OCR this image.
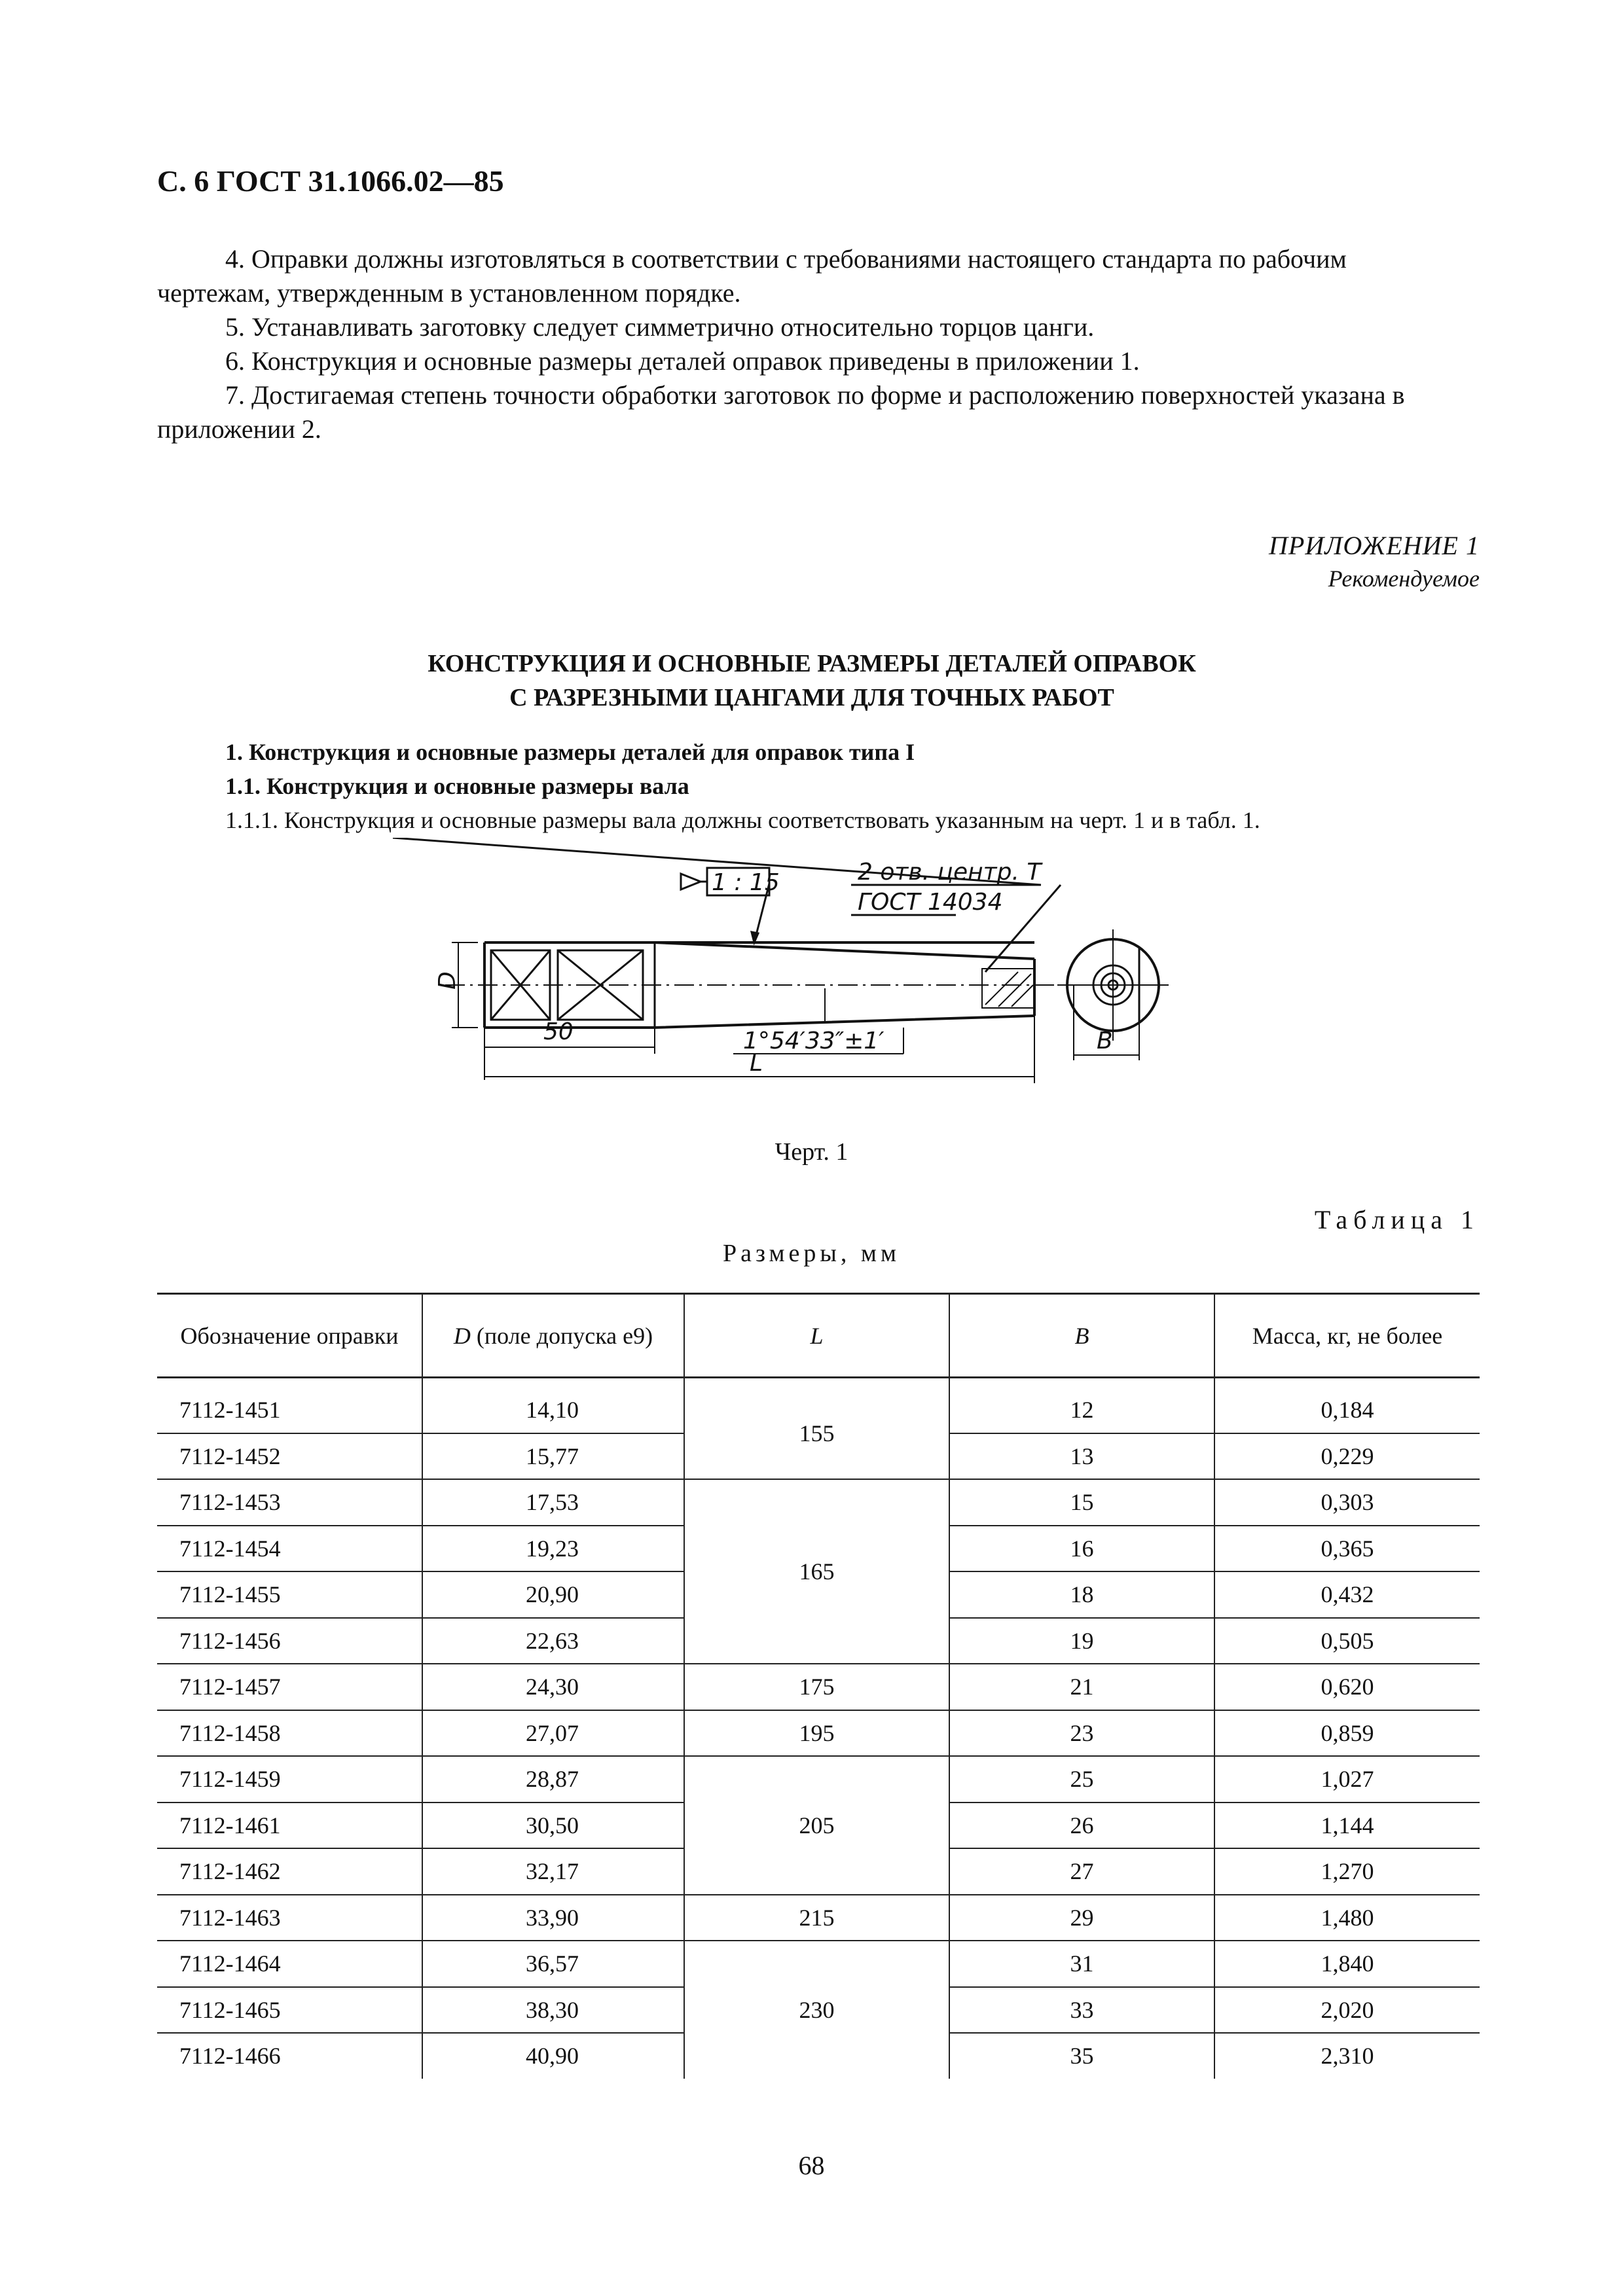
С. 6 ГОСТ 31.1066.02—85

4. Оправки должны изготовляться в соответствии с требованиями настоящего стандарта по рабочим чертежам, утвержденным в установленном порядке.

5. Устанавливать заготовку следует симметрично относительно торцов цанги.

6. Конструкция и основные размеры деталей оправок приведены в приложении 1.

7. Достигаемая степень точности обработки заготовок по форме и расположению поверхностей указана в приложении 2.

ПРИЛОЖЕНИЕ 1
Рекомендуемое
КОНСТРУКЦИЯ И ОСНОВНЫЕ РАЗМЕРЫ ДЕТАЛЕЙ ОПРАВОК
С РАЗРЕЗНЫМИ ЦАНГАМИ ДЛЯ ТОЧНЫХ РАБОТ
1. Конструкция и основные размеры деталей для оправок типа I
1.1. Конструкция и основные размеры вала
1.1.1. Конструкция и основные размеры вала должны соответствовать указанным на черт. 1 и в табл. 1.
1 : 15	2 отв. центр. Т
ГОСТ 14034
D
50	1°54′33″±1′
L
B
Черт. 1
Таблица 1
Размеры, мм
Обозначение оправки	D (поле допуска e9)	L	B	Масса, кг, не более
7112-1451	14,10	155	12	0,184
7112-1452	15,77		13	0,229
7112-1453	17,53	165	15	0,303
7112-1454	19,23		16	0,365
7112-1455	20,90		18	0,432
7112-1456	22,63		19	0,505
7112-1457	24,30	175	21	0,620
7112-1458	27,07	195	23	0,859
7112-1459	28,87	205	25	1,027
7112-1461	30,50		26	1,144
7112-1462	32,17		27	1,270
7112-1463	33,90	215	29	1,480
7112-1464	36,57	230	31	1,840
7112-1465	38,30		33	2,020
7112-1466	40,90		35	2,310
68
